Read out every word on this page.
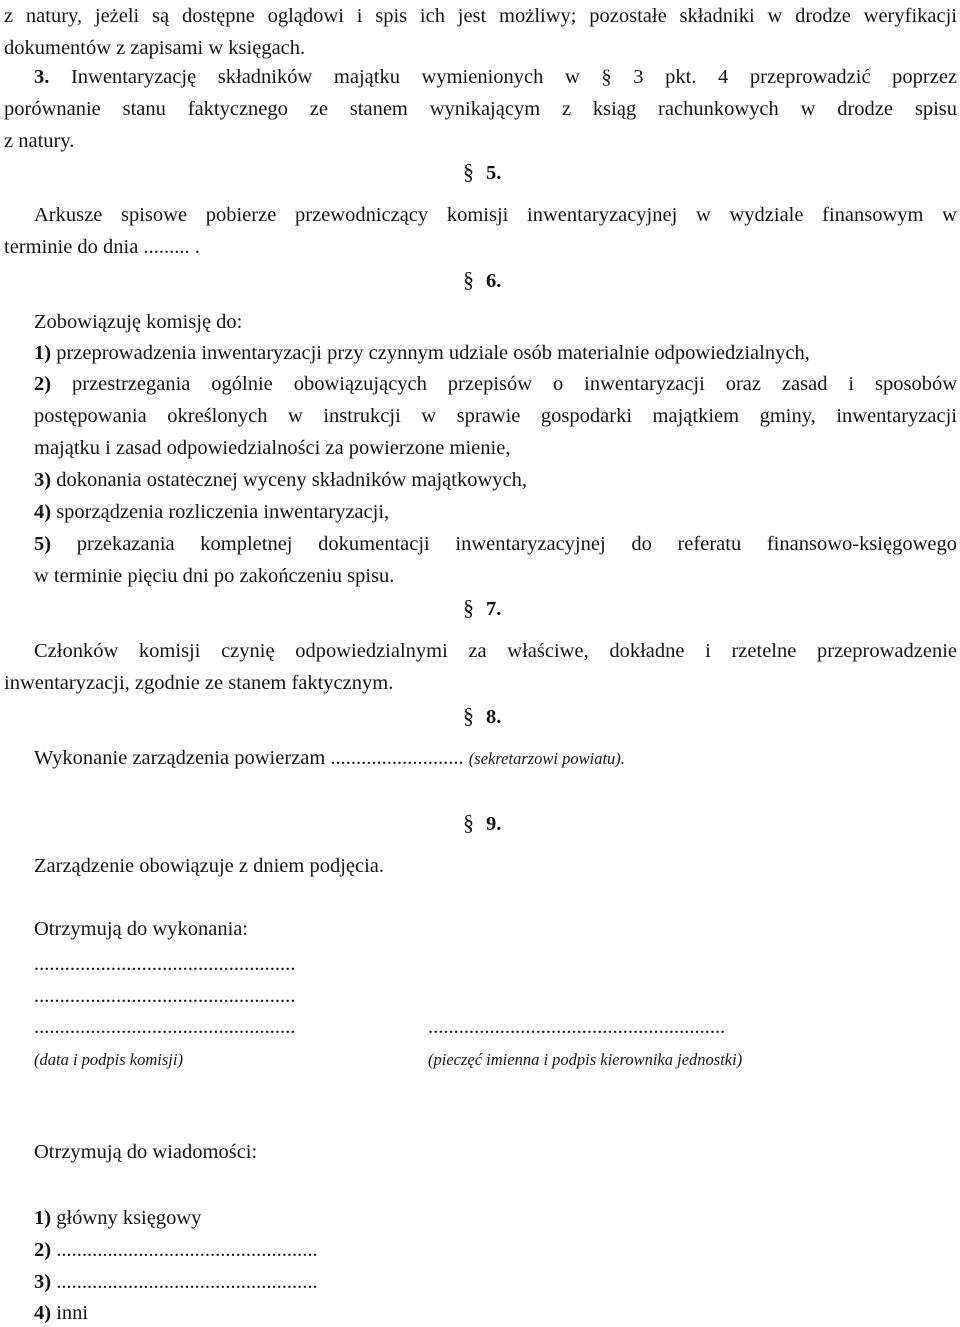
z natury, jeżeli są dostępne oglądowi i spis ich jest możliwy; pozostałe składniki w drodze weryfikacji
dokumentów z zapisami w księgach.
3. Inwentaryzację składników majątku wymienionych w § 3 pkt. 4 przeprowadzić poprzez
porównanie stanu faktycznego ze stanem wynikającym z ksiąg rachunkowych w drodze spisu
z natury.
§ 5.
Arkusze spisowe pobierze przewodniczący komisji inwentaryzacyjnej w wydziale finansowym w
terminie do dnia ......... .
§ 6.
Zobowiązuję komisję do:
1) przeprowadzenia inwentaryzacji przy czynnym udziale osób materialnie odpowiedzialnych,
2) przestrzegania ogólnie obowiązujących przepisów o inwentaryzacji oraz zasad i sposobów
postępowania określonych w instrukcji w sprawie gospodarki majątkiem gminy, inwentaryzacji
majątku i zasad odpowiedzialności za powierzone mienie,
3) dokonania ostatecznej wyceny składników majątkowych,
4) sporządzenia rozliczenia inwentaryzacji,
5) przekazania kompletnej dokumentacji inwentaryzacyjnej do referatu finansowo-księgowego
w terminie pięciu dni po zakończeniu spisu.
§ 7.
Członków komisji czynię odpowiedzialnymi za właściwe, dokładne i rzetelne przeprowadzenie
inwentaryzacji, zgodnie ze stanem faktycznym.
§ 8.
Wykonanie zarządzenia powierzam .......................... (sekretarzowi powiatu).
§ 9.
Zarządzenie obowiązuje z dniem podjęcia.
Otrzymują do wykonania:
...................................................
...................................................
...................................................	..........................................................
(data i podpis komisji)	(pieczęć imienna i podpis kierownika jednostki)
Otrzymują do wiadomości:
1) główny księgowy
2) ...................................................
3) ...................................................
4) inni
